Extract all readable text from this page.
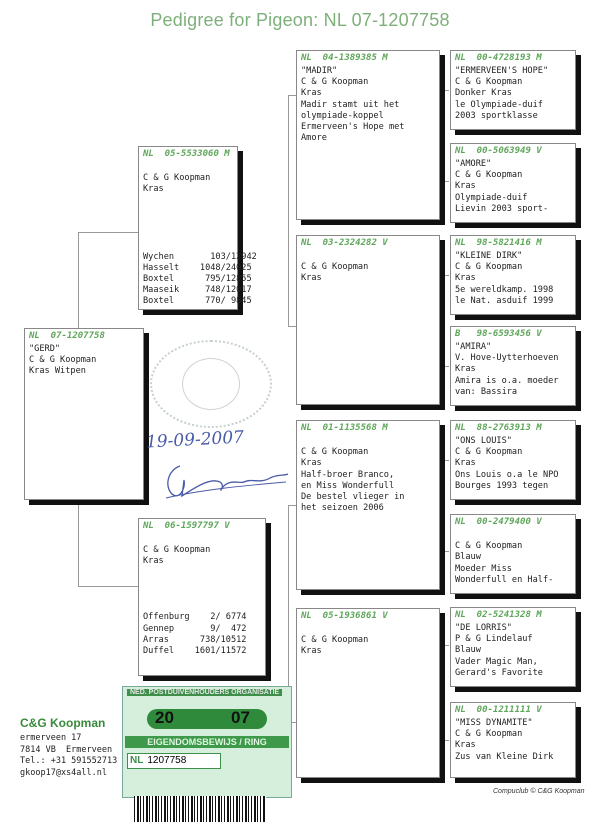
Pedigree for Pigeon: NL 07-1207758
NL  07-1207758
"GERD"
C & G Koopman
Kras Witpen
NL  05-5533060 M

C & G Koopman
Kras

Wychen       103/12942
Hasselt    1048/24025
Boxtel      795/12855
Maaseik     748/12017
Boxtel      770/ 9845
NL  06-1597797 V

C & G Koopman
Kras

Offenburg    2/ 6774
Gennep       9/  472
Arras      738/10512
Duffel    1601/11572
NL  04-1389385 M
"MADIR"
C & G Koopman
Kras
Madir stamt uit het
olympiade-koppel
Ermerveen's Hope met
Amore
NL  03-2324282 V

C & G Koopman
Kras
NL  01-1135568 M

C & G Koopman
Kras
Half-broer Branco,
en Miss Wonderfull
De bestel vlieger in
het seizoen 2006
NL  05-1936861 V

C & G Koopman
Kras
NL  00-4728193 M
"ERMERVEEN'S HOPE"
C & G Koopman
Donker Kras
le Olympiade-duif
2003 sportklasse
NL  00-5063949 V
"AMORE"
C & G Koopman
Kras
Olympiade-duif
Lievin 2003 sport-
NL  98-5821416 M
"KLEINE DIRK"
C & G Koopman
Kras
5e wereldkamp. 1998
le Nat. asduif 1999
B   98-6593456 V
"AMIRA"
V. Hove-Uytterhoeven
Kras
Amira is o.a. moeder
van: Bassira
NL  88-2763913 M
"ONS LOUIS"
C & G Koopman
Kras
Ons Louis o.a le NPO
Bourges 1993 tegen
NL  00-2479400 V

C & G Koopman
Blauw
Moeder Miss
Wonderfull en Half-
NL  02-5241328 M
"DE LORRIS"
P & G Lindelauf
Blauw
Vader Magic Man,
Gerard's Favorite
NL  00-1211111 V
"MISS DYNAMITE"
C & G Koopman
Kras
Zus van Kleine Dirk
19-09-2007
C&G Koopman
ermerveen 17
7814 VB  Ermerveen
Tel.: +31 591552713
gkoop17@xs4all.nl
NED. POSTDUIVENHOUDERS ORGANISATIE
20	07
EIGENDOMSBEWIJS / RING
NL 1207758
Compuclub © C&G Koopman
